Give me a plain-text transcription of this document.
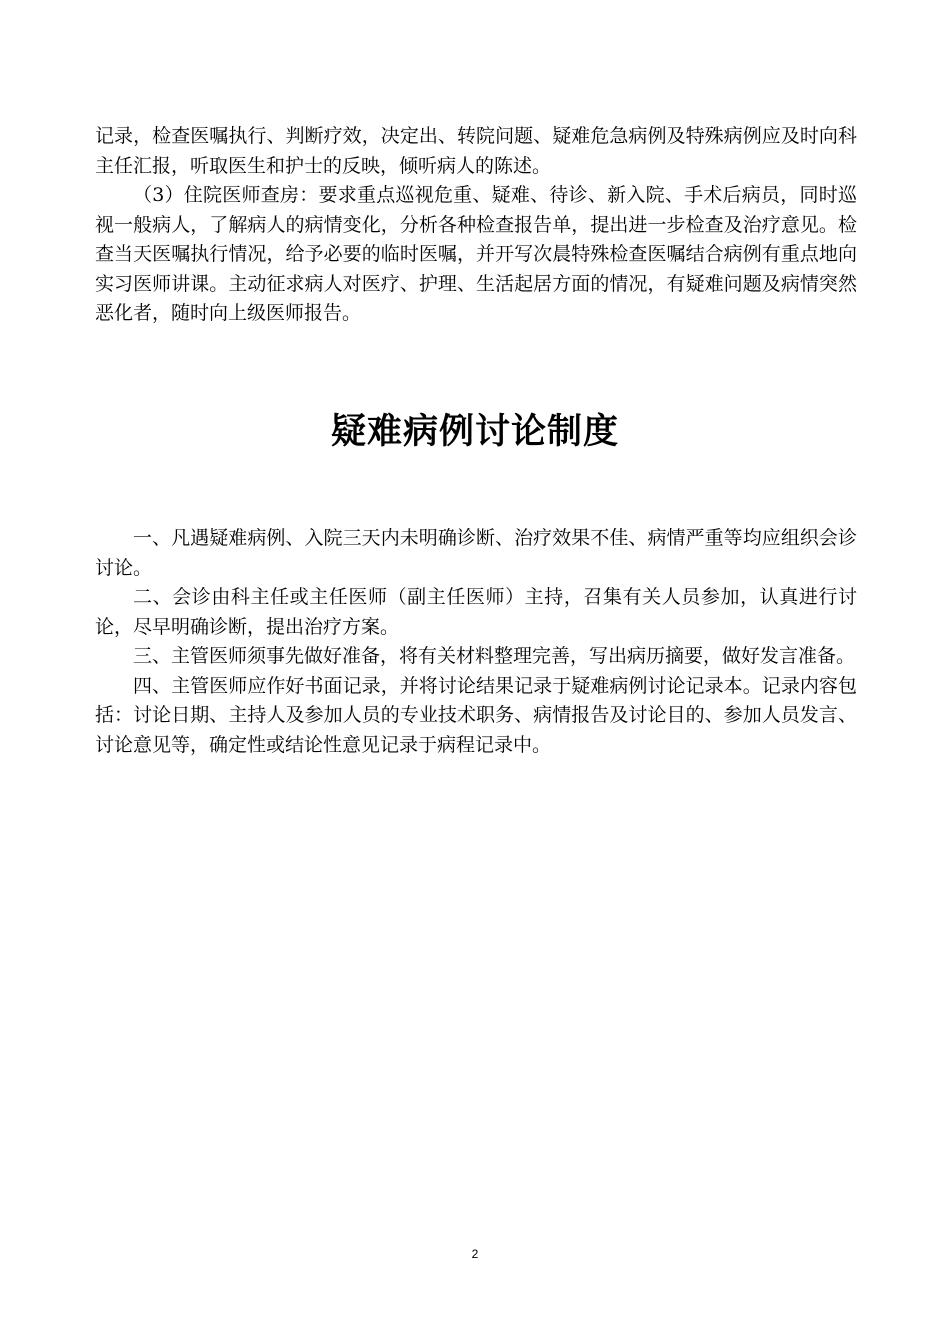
记录，检查医嘱执行、判断疗效，决定出、转院问题、疑难危急病例及特殊病例应及时向科主任汇报，听取医生和护士的反映，倾听病人的陈述。

（3）住院医师查房：要求重点巡视危重、疑难、待诊、新入院、手术后病员，同时巡视一般病人，了解病人的病情变化，分析各种检查报告单，提出进一步检查及治疗意见。检查当天医嘱执行情况，给予必要的临时医嘱，并开写次晨特殊检查医嘱结合病例有重点地向实习医师讲课。主动征求病人对医疗、护理、生活起居方面的情况，有疑难问题及病情突然恶化者，随时向上级医师报告。

疑难病例讨论制度

一、凡遇疑难病例、入院三天内未明确诊断、治疗效果不佳、病情严重等均应组织会诊讨论。

二、会诊由科主任或主任医师（副主任医师）主持，召集有关人员参加，认真进行讨论，尽早明确诊断，提出治疗方案。

三、主管医师须事先做好准备，将有关材料整理完善，写出病历摘要，做好发言准备。

四、主管医师应作好书面记录，并将讨论结果记录于疑难病例讨论记录本。记录内容包括：讨论日期、主持人及参加人员的专业技术职务、病情报告及讨论目的、参加人员发言、讨论意见等，确定性或结论性意见记录于病程记录中。

2
